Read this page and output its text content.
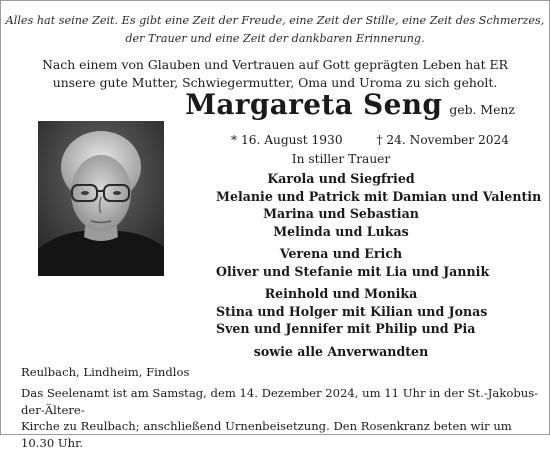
Alles hat seine Zeit. Es gibt eine Zeit der Freude, eine Zeit der Stille, eine Zeit des Schmerzes,
der Trauer und eine Zeit der dankbaren Erinnerung.
Nach einem von Glauben und Vertrauen auf Gott geprägten Leben hat ER
unsere gute Mutter, Schwiegermutter, Oma und Uroma zu sich geholt.
Margareta Seng geb. Menz
* 16. August 1930	† 24. November 2024
In stiller Trauer
Karola und Siegfried
Melanie und Patrick mit Damian und Valentin
Marina und Sebastian
Melinda und Lukas
Verena und Erich
Oliver und Stefanie mit Lia und Jannik
Reinhold und Monika
Stina und Holger mit Kilian und Jonas
Sven und Jennifer mit Philip und Pia
sowie alle Anverwandten
Reulbach, Lindheim, Findlos
Das Seelenamt ist am Samstag, dem 14. Dezember 2024, um 11 Uhr in der St.-Jakobus-der-Ältere-
Kirche zu Reulbach; anschließend Urnenbeisetzung. Den Rosenkranz beten wir um 10.30 Uhr.
